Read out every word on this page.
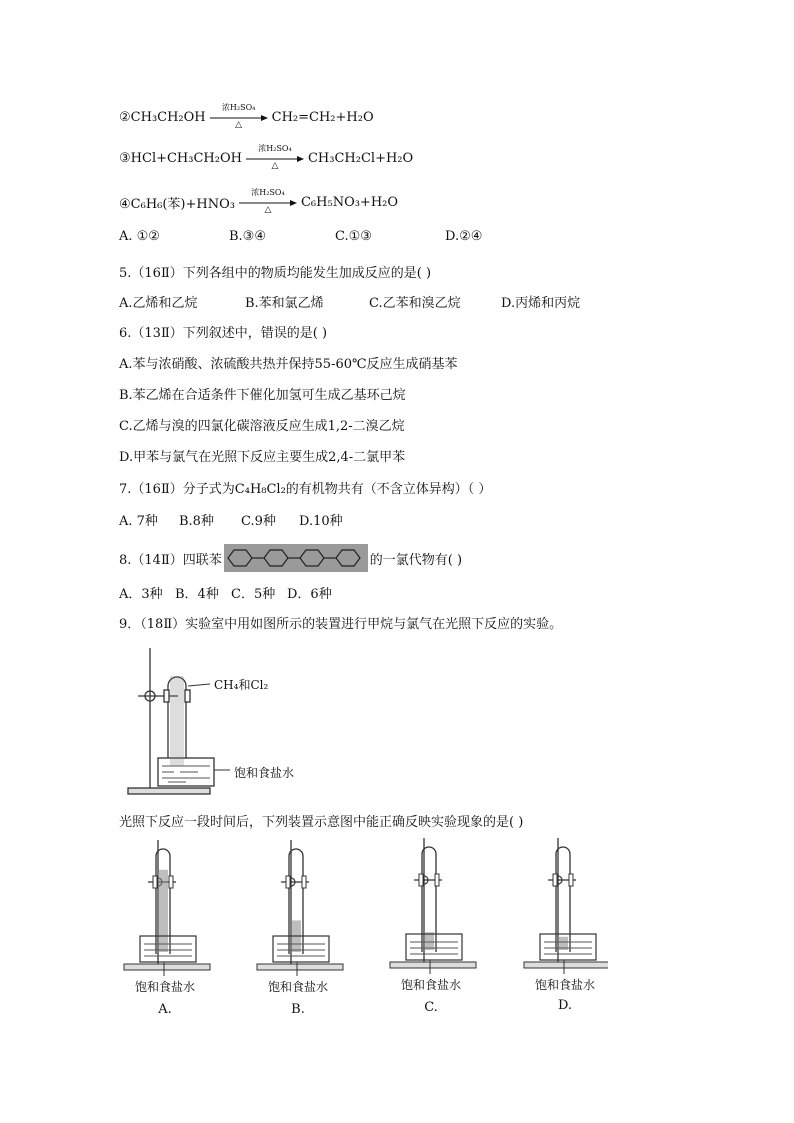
②CH₃CH₂OH
浓H₂SO₄
△	CH₂=CH₂+H₂O
③HCl+CH₃CH₂OH
浓H₂SO₄
△	CH₃CH₂Cl+H₂O
④C₆H₆(苯)+HNO₃
浓H₂SO₄
△	C₆H₅NO₃+H₂O
A. ①②	B.③④	C.①③	D.②④
5.（16Ⅱ）下列各组中的物质均能发生加成反应的是( )
A.乙烯和乙烷	B.苯和氯乙烯	C.乙苯和溴乙烷	D.丙烯和丙烷
6.（13Ⅱ）下列叙述中，错误的是( )
A.苯与浓硝酸、浓硫酸共热并保持55-60℃反应生成硝基苯
B.苯乙烯在合适条件下催化加氢可生成乙基环己烷
C.乙烯与溴的四氯化碳溶液反应生成1,2-二溴乙烷
D.甲苯与氯气在光照下反应主要生成2,4-二氯甲苯
7.（16Ⅱ）分子式为C₄H₈Cl₂的有机物共有（不含立体异构）（ ）
A. 7种 B.8种 C.9种 D.10种
8.（14Ⅱ）四联苯	的一氯代物有( )
A．3种 B．4种 C．5种 D．6种
9．（18Ⅱ）实验室中用如图所示的装置进行甲烷与氯气在光照下反应的实验。
CH₄和Cl₂
饱和食盐水
光照下反应一段时间后，下列装置示意图中能正确反映实验现象的是( )
饱和食盐水
A.
饱和食盐水
B.
饱和食盐水
C.
饱和食盐水
D.
